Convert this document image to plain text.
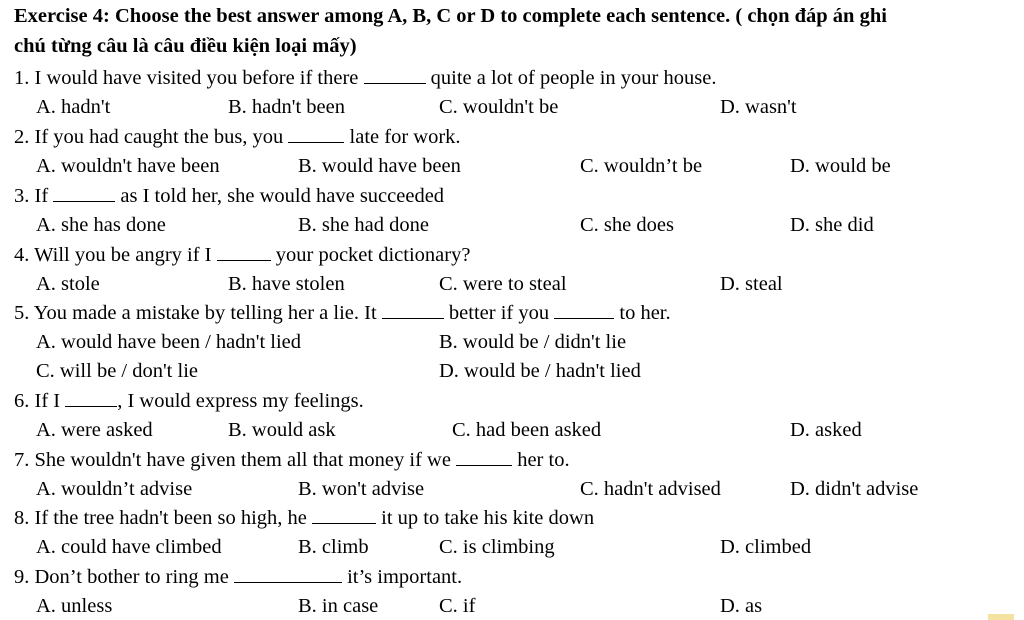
Exercise 4: Choose the best answer among A, B, C or D to complete each sentence. ( chọn đáp án ghi
chú từng câu là câu điều kiện loại mấy)
1. I would have visited you before if there	quite a lot of people in your house.
A. hadn't	B. hadn't been	C. wouldn't be	D. wasn't
2. If you had caught the bus, you	late for work.
A. wouldn't have been	B. would have been	C. wouldn’t be	D. would be
3. If	as I told her, she would have succeeded
A. she has done	B. she had done	C. she does	D. she did
4. Will you be angry if I	your pocket dictionary?
A. stole	B. have stolen	C. were to steal	D. steal
5. You made a mistake by telling her a lie. It	better if you	to her.
A. would have been / hadn't lied	B. would be / didn't lie
C. will be / don't lie	D. would be / hadn't lied
6. If I	, I would express my feelings.
A. were asked	B. would ask	C. had been asked	D. asked
7. She wouldn't have given them all that money if we	her to.
A. wouldn’t advise	B. won't advise	C. hadn't advised	D. didn't advise
8. If the tree hadn't been so high, he	it up to take his kite down
A. could have climbed	B. climb	C. is climbing	D. climbed
9. Don’t bother to ring me	it’s important.
A. unless	B. in case	C. if	D. as
